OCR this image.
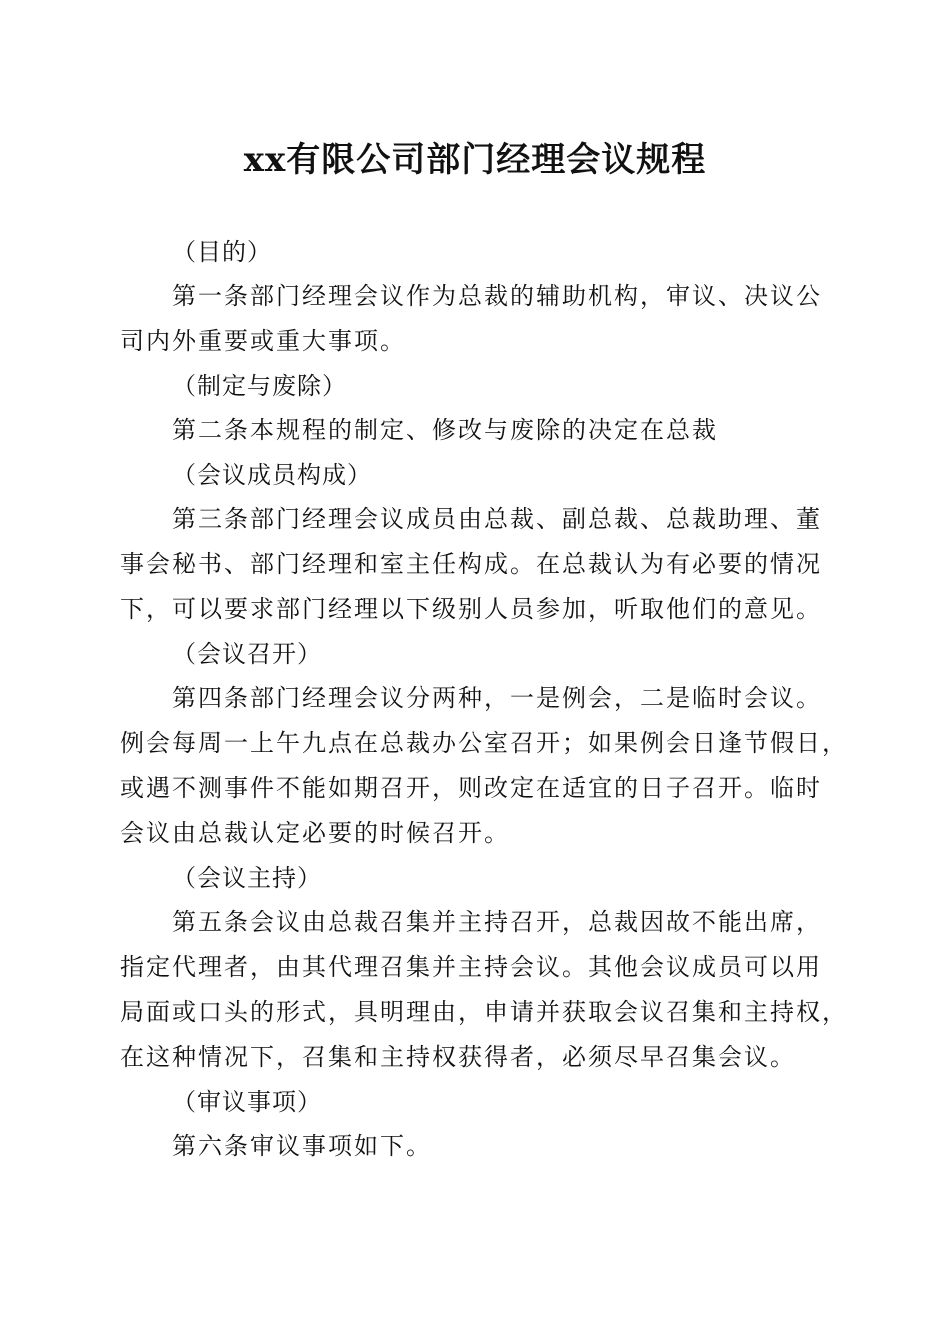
xx有限公司部门经理会议规程
（目的）
第一条部门经理会议作为总裁的辅助机构，审议、决议公
司内外重要或重大事项。
（制定与废除）
第二条本规程的制定、修改与废除的决定在总裁
（会议成员构成）
第三条部门经理会议成员由总裁、副总裁、总裁助理、董
事会秘书、部门经理和室主任构成。在总裁认为有必要的情况
下，可以要求部门经理以下级别人员参加，听取他们的意见。
（会议召开）
第四条部门经理会议分两种，一是例会，二是临时会议。
例会每周一上午九点在总裁办公室召开；如果例会日逢节假日，
或遇不测事件不能如期召开，则改定在适宜的日子召开。临时
会议由总裁认定必要的时候召开。
（会议主持）
第五条会议由总裁召集并主持召开，总裁因故不能出席，
指定代理者，由其代理召集并主持会议。其他会议成员可以用
局面或口头的形式，具明理由，申请并获取会议召集和主持权，
在这种情况下，召集和主持权获得者，必须尽早召集会议。
（审议事项）
第六条审议事项如下。
